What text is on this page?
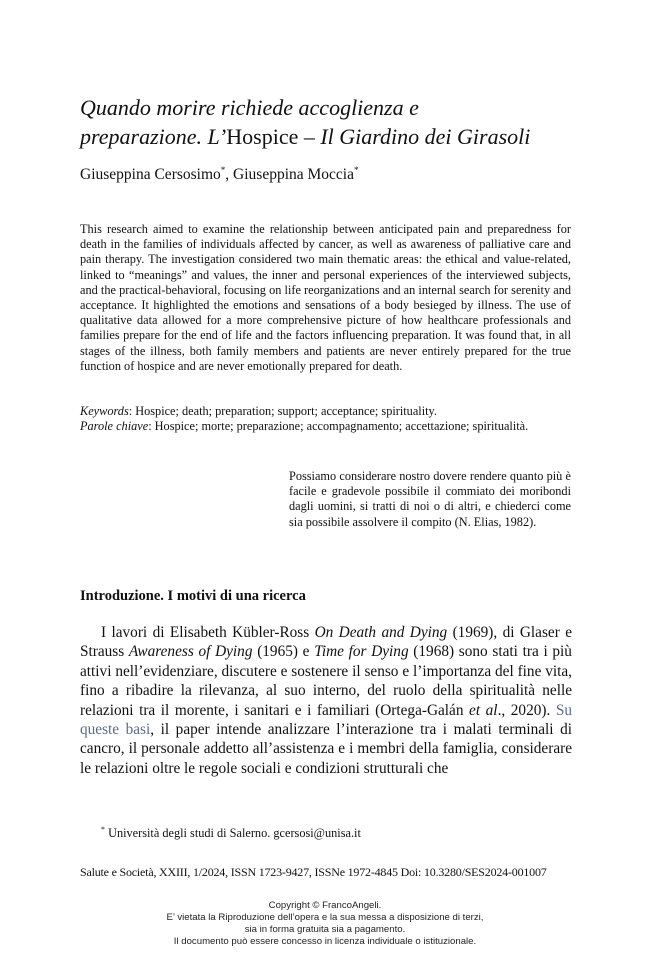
Quando morire richiede accoglienza e
preparazione. L’Hospice – Il Giardino dei Girasoli
Giuseppina Cersosimo*, Giuseppina Moccia*

This research aimed to examine the relationship between anticipated pain and preparedness for death in the families of individuals affected by cancer, as well as awareness of palliative care and pain therapy. The investigation considered two main thematic areas: the ethical and value-related, linked to “meanings” and values, the inner and personal experiences of the interviewed subjects, and the practical-behavioral, focusing on life reorganizations and an internal search for serenity and acceptance. It highlighted the emotions and sensations of a body besieged by illness. The use of qualitative data allowed for a more comprehensive picture of how healthcare professionals and families prepare for the end of life and the factors influencing preparation. It was found that, in all stages of the illness, both family members and patients are never entirely prepared for the true function of hospice and are never emotionally prepared for death.

Keywords: Hospice; death; preparation; support; acceptance; spirituality.
Parole chiave: Hospice; morte; preparazione; accompagnamento; accettazione; spiritualità.

Possiamo considerare nostro dovere rendere quanto più è facile e gradevole possibile il commiato dei moribondi dagli uomini, si tratti di noi o di altri, e chiederci come sia possibile assolvere il compito (N. Elias, 1982).

Introduzione. I motivi di una ricerca

I lavori di Elisabeth Kübler-Ross On Death and Dying (1969), di Glaser e Strauss Awareness of Dying (1965) e Time for Dying (1968) sono stati tra i più attivi nell’evidenziare, discutere e sostenere il senso e l’importanza del fine vita, fino a ribadire la rilevanza, al suo interno, del ruolo della spiritualità nelle relazioni tra il morente, i sanitari e i familiari (Ortega-Galán et al., 2020). Su queste basi, il paper intende analizzare l’interazione tra i malati terminali di cancro, il personale addetto all’assistenza e i membri della famiglia, considerare le relazioni oltre le regole sociali e condizioni strutturali che

* Università degli studi di Salerno. gcersosi@unisa.it
Salute e Società, XXIII, 1/2024, ISSN 1723-9427, ISSNe 1972-4845 Doi: 10.3280/SES2024-001007
Copyright © FrancoAngeli.
E’ vietata la Riproduzione dell’opera e la sua messa a disposizione di terzi,
sia in forma gratuita sia a pagamento.
Il documento può essere concesso in licenza individuale o istituzionale.
